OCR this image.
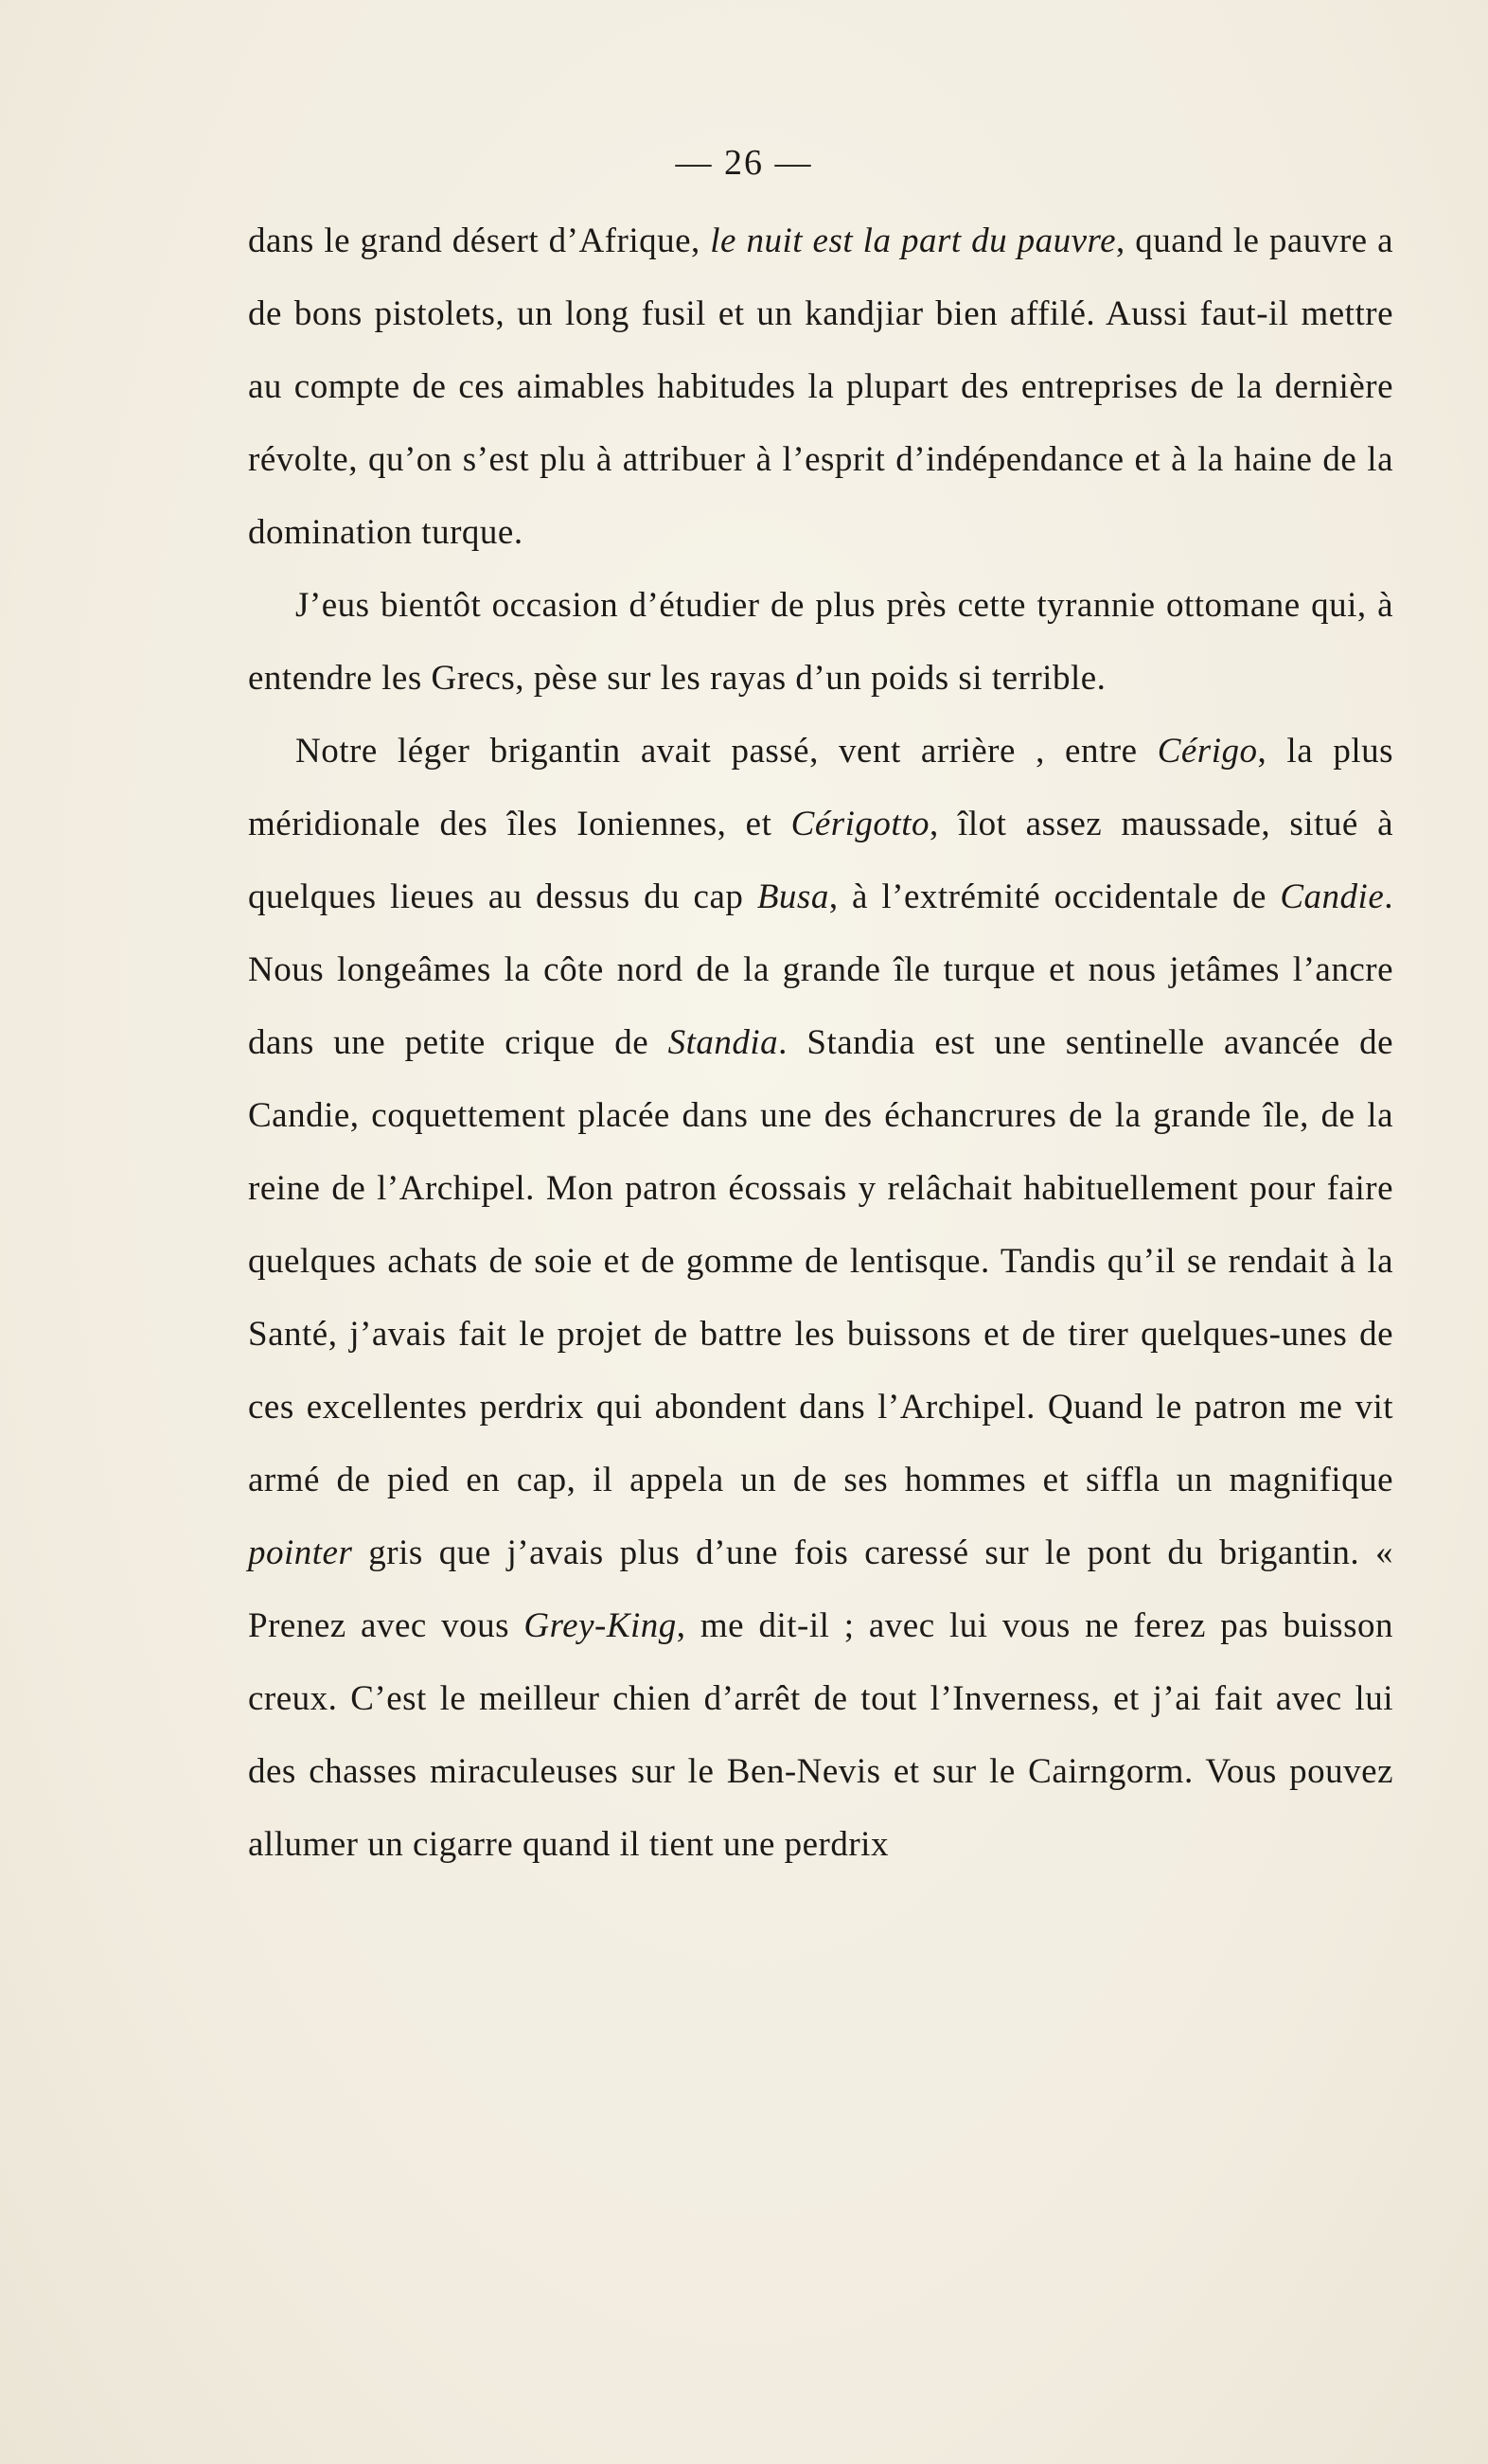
— 26 —

dans le grand désert d’Afrique, le nuit est la part du pauvre, quand le pauvre a de bons pistolets, un long fusil et un kandjiar bien affilé. Aussi faut-il mettre au compte de ces aimables habitudes la plupart des entreprises de la dernière révolte, qu’on s’est plu à attribuer à l’esprit d’indépendance et à la haine de la domination turque.

J’eus bientôt occasion d’étudier de plus près cette tyrannie ottomane qui, à entendre les Grecs, pèse sur les rayas d’un poids si terrible.

Notre léger brigantin avait passé, vent arrière , entre Cérigo, la plus méridionale des îles Ioniennes, et Cérigotto, îlot assez maussade, situé à quelques lieues au dessus du cap Busa, à l’extrémité occidentale de Candie. Nous longeâmes la côte nord de la grande île turque et nous jetâmes l’ancre dans une petite crique de Standia. Standia est une sentinelle avancée de Candie, coquettement placée dans une des échancrures de la grande île, de la reine de l’Archipel. Mon patron écossais y relâchait habituellement pour faire quelques achats de soie et de gomme de lentisque. Tandis qu’il se rendait à la Santé, j’avais fait le projet de battre les buissons et de tirer quelques-unes de ces excellentes perdrix qui abondent dans l’Archipel. Quand le patron me vit armé de pied en cap, il appela un de ses hommes et siffla un magnifique pointer gris que j’avais plus d’une fois caressé sur le pont du brigantin. « Prenez avec vous Grey-King, me dit-il ; avec lui vous ne ferez pas buisson creux. C’est le meilleur chien d’arrêt de tout l’Inverness, et j’ai fait avec lui des chasses miraculeuses sur le Ben-Nevis et sur le Cairngorm. Vous pouvez allumer un cigarre quand il tient une perdrix
